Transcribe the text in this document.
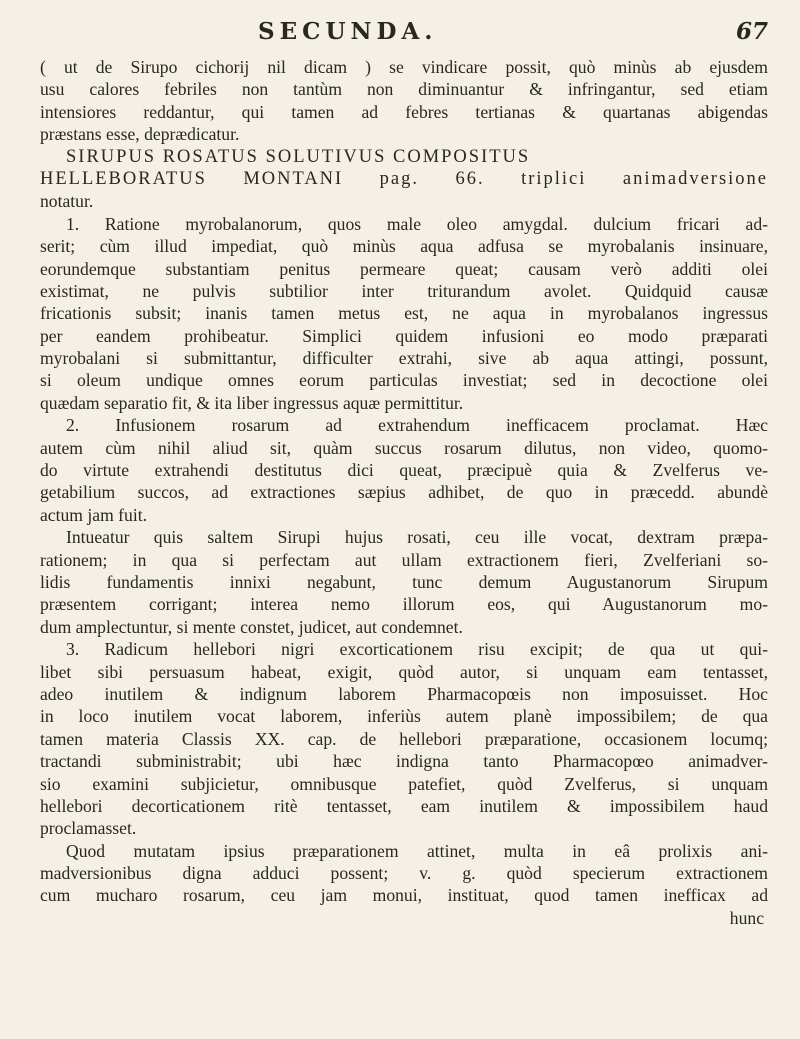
SECUNDA.	67
( ut de Sirupo cichorij nil dicam ) se vindicare possit, quò minùs ab ejusdem
usu calores febriles non tantùm non diminuantur & infringantur, sed etiam
intensiores reddantur, qui tamen ad febres tertianas & quartanas abigendas
præstans esse, deprædicatur.
SIRUPUS ROSATUS SOLUTIVUS COMPOSITUS
HELLEBORATUS MONTANI pag. 66. triplici animadversione
notatur.
1. Ratione myrobalanorum, quos male oleo amygdal. dulcium fricari ad-
serit; cùm illud impediat, quò minùs aqua adfusa se myrobalanis insinuare,
eorundemque substantiam penitus permeare queat; causam verò additi olei
existimat, ne pulvis subtilior inter triturandum avolet. Quidquid causæ
fricationis subsit; inanis tamen metus est, ne aqua in myrobalanos ingressus
per eandem prohibeatur. Simplici quidem infusioni eo modo præparati
myrobalani si submittantur, difficulter extrahi, sive ab aqua attingi, possunt,
si oleum undique omnes eorum particulas investiat; sed in decoctione olei
quædam separatio fit, & ita liber ingressus aquæ permittitur.
2. Infusionem rosarum ad extrahendum inefficacem proclamat. Hæc
autem cùm nihil aliud sit, quàm succus rosarum dilutus, non video, quomo-
do virtute extrahendi destitutus dici queat, præcipuè quia & Zvelferus ve-
getabilium succos, ad extractiones sæpius adhibet, de quo in præcedd. abundè
actum jam fuit.
Intueatur quis saltem Sirupi hujus rosati, ceu ille vocat, dextram præpa-
rationem; in qua si perfectam aut ullam extractionem fieri, Zvelferiani so-
lidis fundamentis innixi negabunt, tunc demum Augustanorum Sirupum
præsentem corrigant; interea nemo illorum eos, qui Augustanorum mo-
dum amplectuntur, si mente constet, judicet, aut condemnet.
3. Radicum hellebori nigri excorticationem risu excipit; de qua ut qui-
libet sibi persuasum habeat, exigit, quòd autor, si unquam eam tentasset,
adeo inutilem & indignum laborem Pharmacopœis non imposuisset. Hoc
in loco inutilem vocat laborem, inferiùs autem planè impossibilem; de qua
tamen materia Classis XX. cap. de hellebori præparatione, occasionem locumq;
tractandi subministrabit; ubi hæc indigna tanto Pharmacopœo animadver-
sio examini subjicietur, omnibusque patefiet, quòd Zvelferus, si unquam
hellebori decorticationem ritè tentasset, eam inutilem & impossibilem haud
proclamasset.
Quod mutatam ipsius præparationem attinet, multa in eâ prolixis ani-
madversionibus digna adduci possent; v. g. quòd specierum extractionem
cum mucharo rosarum, ceu jam monui, instituat, quod tamen inefficax ad
hunc
